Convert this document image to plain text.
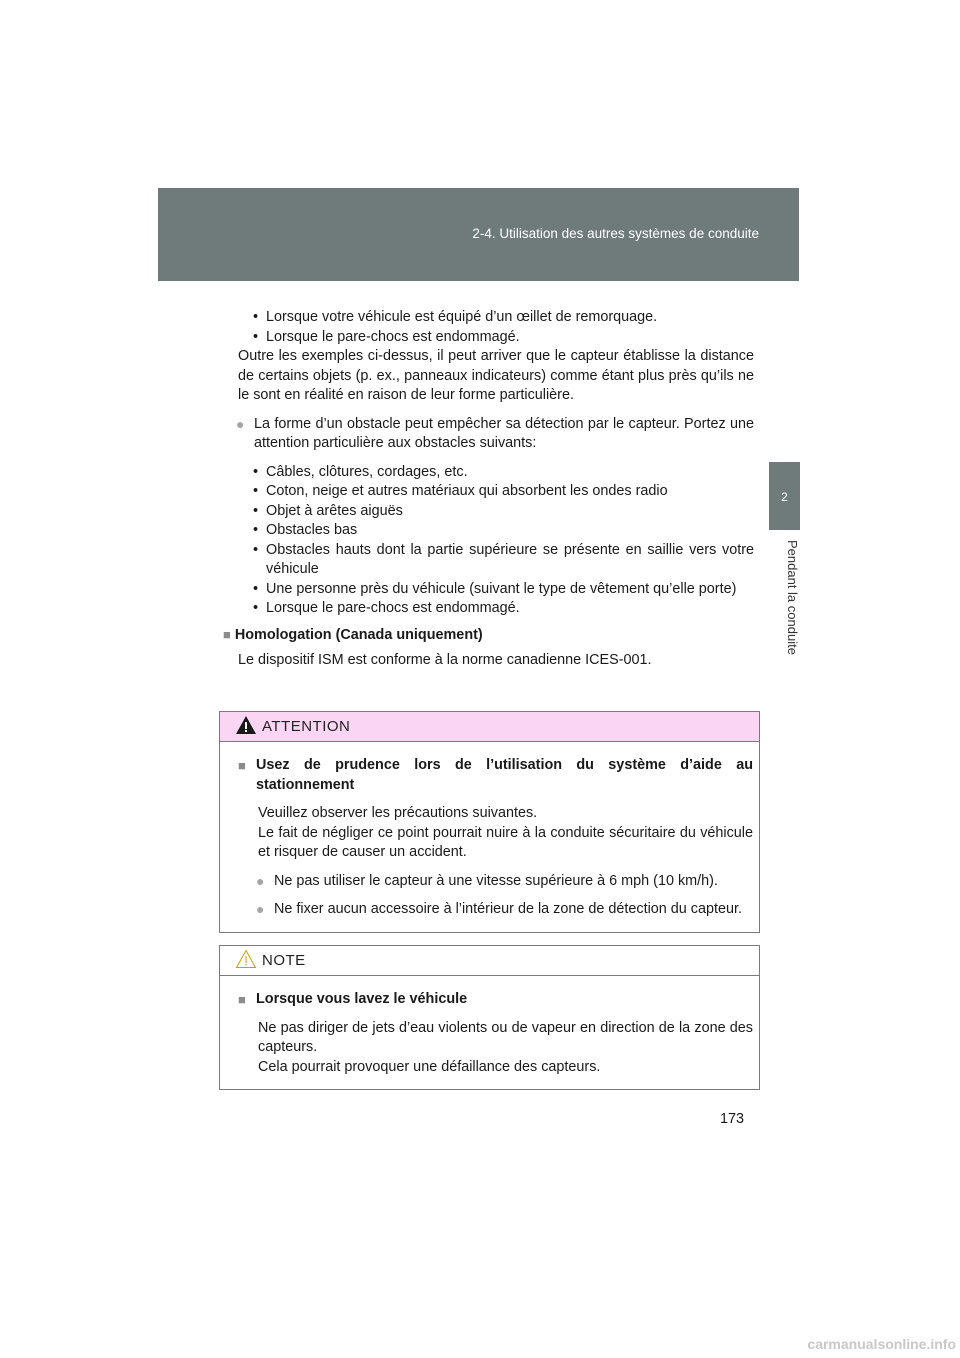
2-4. Utilisation des autres systèmes de conduite
2
Pendant la conduite

• Lorsque votre véhicule est équipé d’un œillet de remorquage.

• Lorsque le pare-chocs est endommagé.

Outre les exemples ci-dessus, il peut arriver que le capteur établisse la distance de certains objets (p. ex., panneaux indicateurs) comme étant plus près qu’ils ne le sont en réalité en raison de leur forme particulière.

● La forme d’un obstacle peut empêcher sa détection par le capteur. Portez une attention particulière aux obstacles suivants:

• Câbles, clôtures, cordages, etc.

• Coton, neige et autres matériaux qui absorbent les ondes radio

• Objet à arêtes aiguës

• Obstacles bas

• Obstacles hauts dont la partie supérieure se présente en saillie vers votre véhicule

• Une personne près du véhicule (suivant le type de vêtement qu’elle porte)

• Lorsque le pare-chocs est endommagé.

■ Homologation (Canada uniquement)

Le dispositif ISM est conforme à la norme canadienne ICES-001.

ATTENTION

■ Usez de prudence lors de l’utilisation du système d’aide au stationnement

Veuillez observer les précautions suivantes.

Le fait de négliger ce point pourrait nuire à la conduite sécuritaire du véhicule et risquer de causer un accident.

● Ne pas utiliser le capteur à une vitesse supérieure à 6 mph (10 km/h).
● Ne fixer aucun accessoire à l’intérieur de la zone de détection du capteur.
NOTE

■ Lorsque vous lavez le véhicule

Ne pas diriger de jets d’eau violents ou de vapeur en direction de la zone des capteurs.

Cela pourrait provoquer une défaillance des capteurs.

173
carmanualsonline.info
